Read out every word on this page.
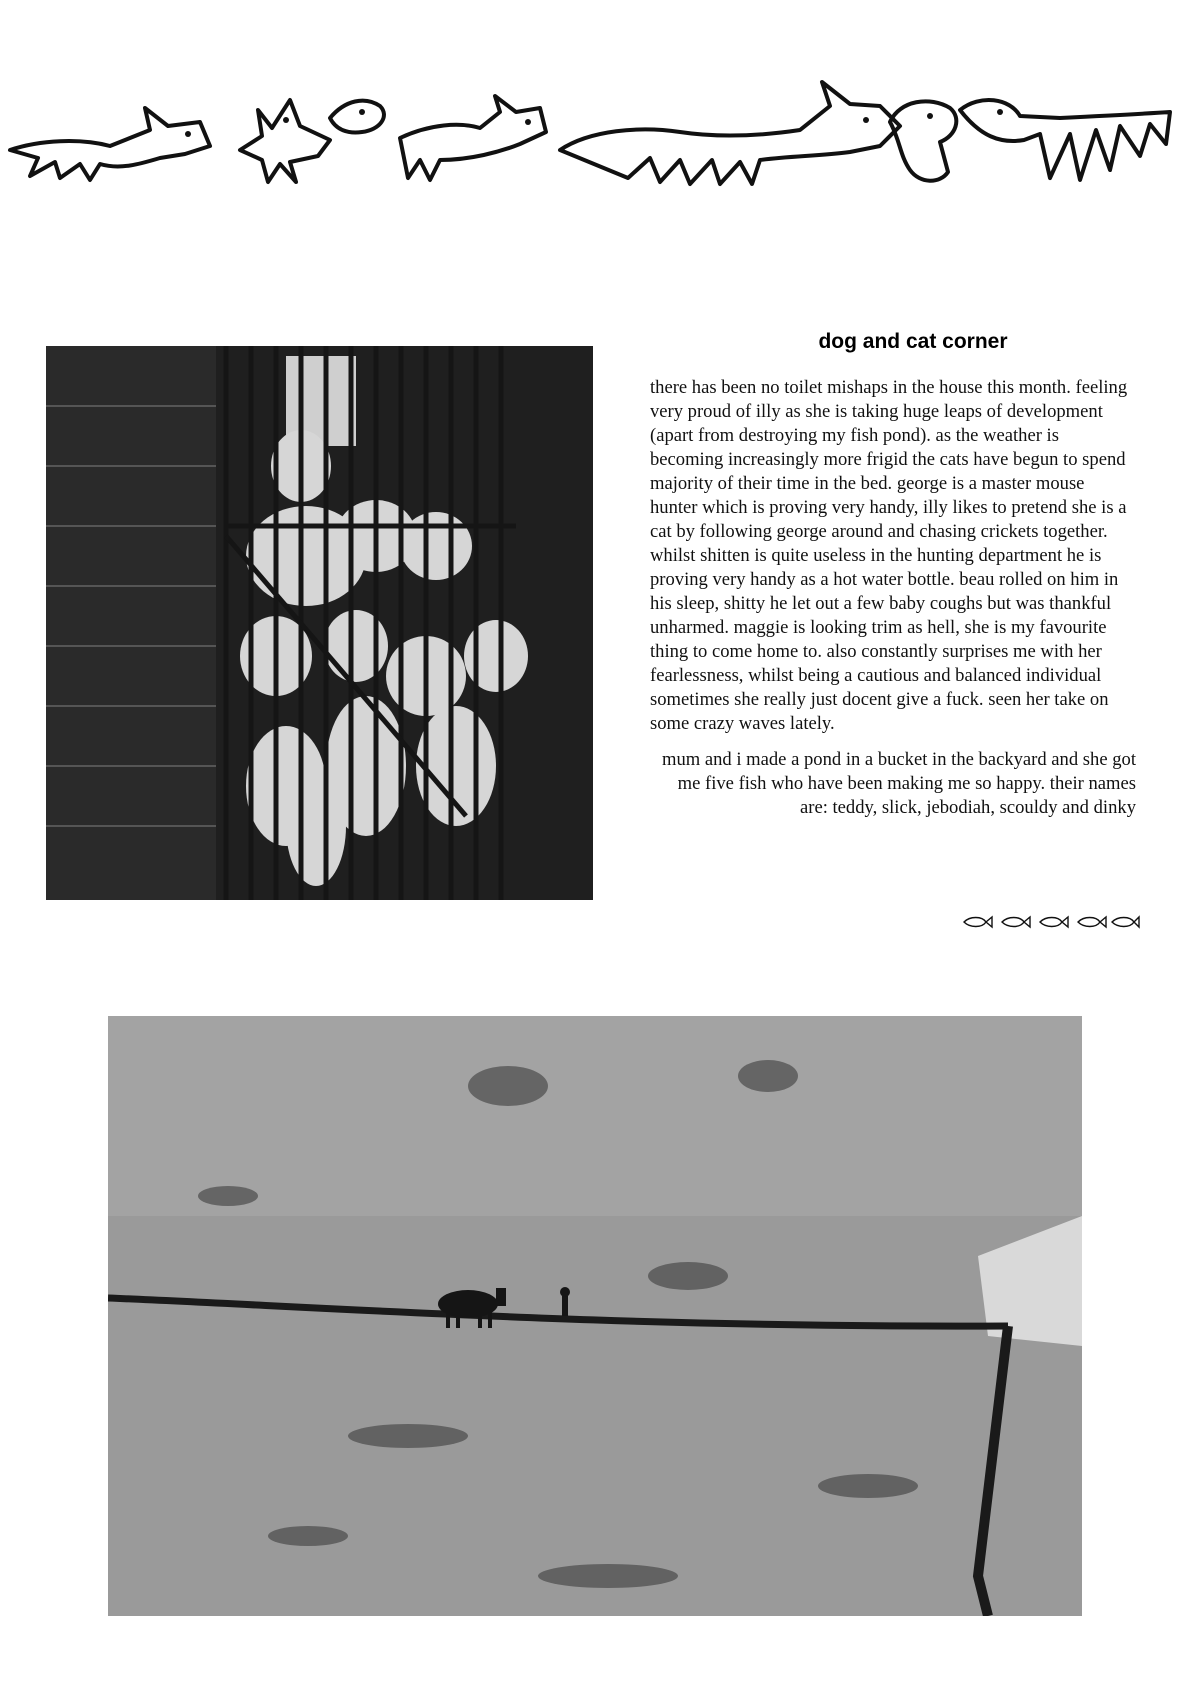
dog and cat corner

there has been no toilet mishaps in the house this month. feeling very proud of illy as she is taking huge leaps of development (apart from destroying my fish pond). as the weather is becoming increasingly more frigid the cats have begun to spend majority of their time in the bed. george is a master mouse hunter which is proving very handy, illy likes to pretend she is a cat by following george around and chasing crickets together. whilst shitten is quite useless in the hunting department he is proving very handy as a hot water bottle. beau rolled on him in his sleep, shitty he let out a few baby coughs but was thankful unharmed. maggie is looking trim as hell, she is my favourite thing to come home to. also constantly surprises me with her fearlessness, whilst being a cautious and balanced individual sometimes she really just docent give a fuck. seen her take on some crazy waves lately.

mum and i made a pond in a bucket in the backyard and she got me five fish who have been making me so happy. their names are: teddy, slick, jebodiah, scouldy and dinky
